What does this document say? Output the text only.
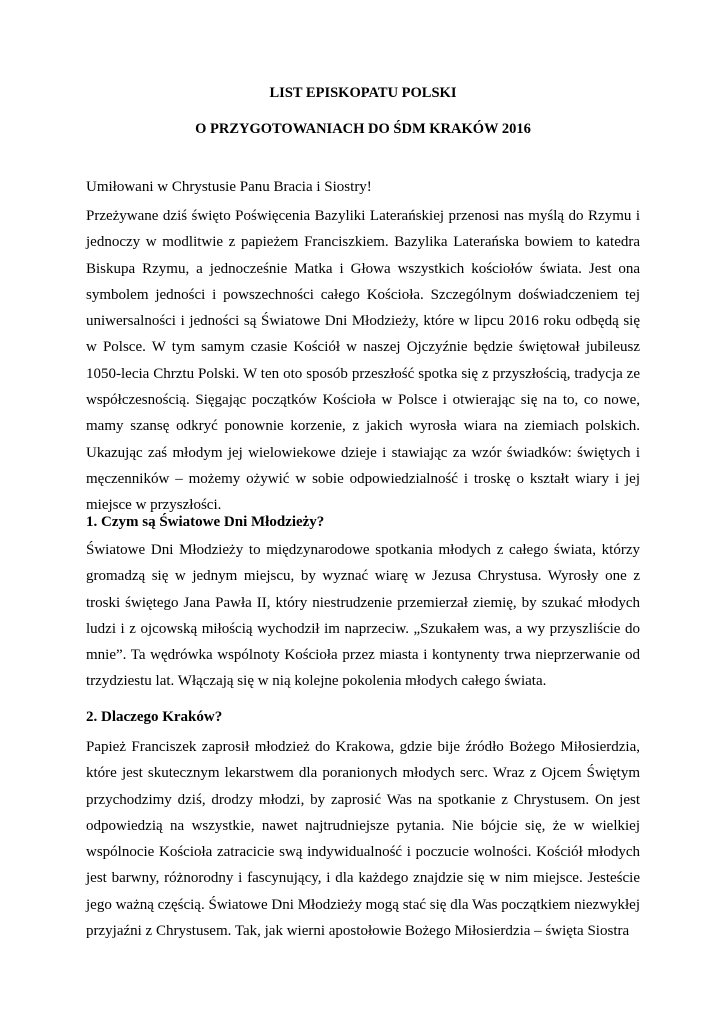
LIST EPISKOPATU POLSKI
O PRZYGOTOWANIACH DO ŚDM KRAKÓW 2016

Umiłowani w Chrystusie Panu Bracia i Siostry!

Przeżywane dziś święto Poświęcenia Bazyliki Laterańskiej przenosi nas myślą do Rzymu i jednoczy w modlitwie z papieżem Franciszkiem. Bazylika Laterańska bowiem to katedra Biskupa Rzymu, a jednocześnie Matka i Głowa wszystkich kościołów świata. Jest ona symbolem jedności i powszechności całego Kościoła. Szczególnym doświadczeniem tej uniwersalności i jedności są Światowe Dni Młodzieży, które w lipcu 2016 roku odbędą się w Polsce. W tym samym czasie Kościół w naszej Ojczyźnie będzie świętował jubileusz 1050-lecia Chrztu Polski. W ten oto sposób przeszłość spotka się z przyszłością, tradycja ze współczesnością. Sięgając początków Kościoła w Polsce i otwierając się na to, co nowe, mamy szansę odkryć ponownie korzenie, z jakich wyrosła wiara na ziemiach polskich. Ukazując zaś młodym jej wielowiekowe dzieje i stawiając za wzór świadków: świętych i męczenników – możemy ożywić w sobie odpowiedzialność i troskę o kształt wiary i jej miejsce w przyszłości.

1. Czym są Światowe Dni Młodzieży?

Światowe Dni Młodzieży to międzynarodowe spotkania młodych z całego świata, którzy gromadzą się w jednym miejscu, by wyznać wiarę w Jezusa Chrystusa. Wyrosły one z troski świętego Jana Pawła II, który niestrudzenie przemierzał ziemię, by szukać młodych ludzi i z ojcowską miłością wychodził im naprzeciw. „Szukałem was, a wy przyszliście do mnie”. Ta wędrówka wspólnoty Kościoła przez miasta i kontynenty trwa nieprzerwanie od trzydziestu lat. Włączają się w nią kolejne pokolenia młodych całego świata.

2. Dlaczego Kraków?

Papież Franciszek zaprosił młodzież do Krakowa, gdzie bije źródło Bożego Miłosierdzia, które jest skutecznym lekarstwem dla poranionych młodych serc. Wraz z Ojcem Świętym przychodzimy dziś, drodzy młodzi, by zaprosić Was na spotkanie z Chrystusem. On jest odpowiedzią na wszystkie, nawet najtrudniejsze pytania. Nie bójcie się, że w wielkiej wspólnocie Kościoła zatracicie swą indywidualność i poczucie wolności. Kościół młodych jest barwny, różnorodny i fascynujący, i dla każdego znajdzie się w nim miejsce. Jesteście jego ważną częścią. Światowe Dni Młodzieży mogą stać się dla Was początkiem niezwykłej przyjaźni z Chrystusem. Tak, jak wierni apostołowie Bożego Miłosierdzia – święta Siostra
